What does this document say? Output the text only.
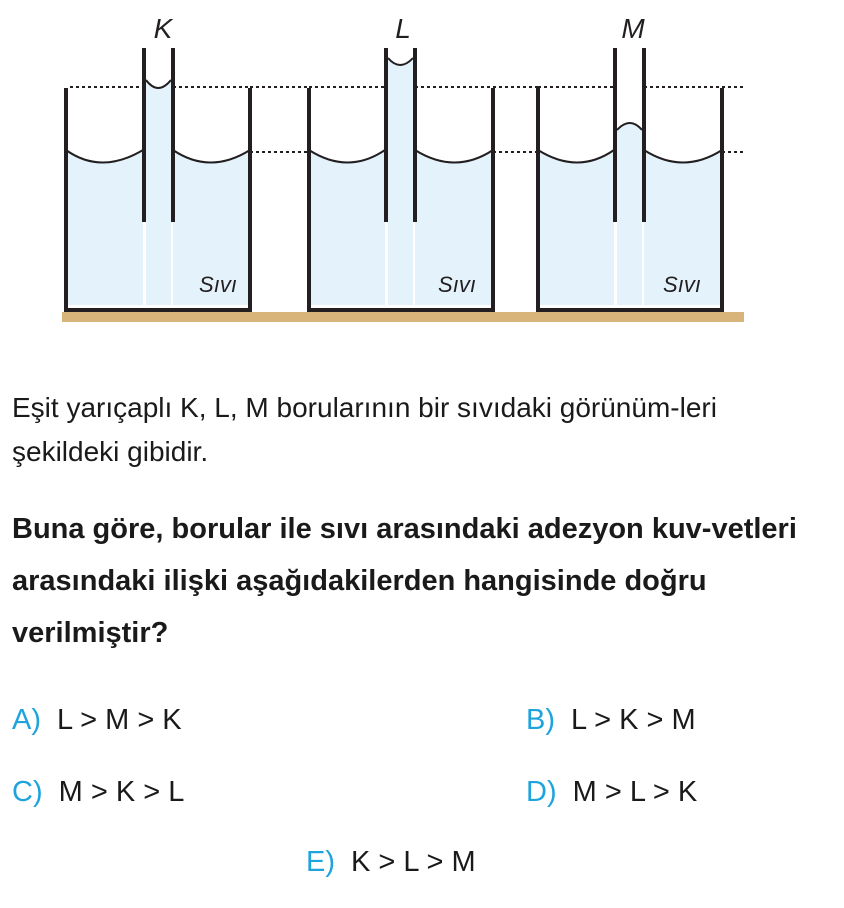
K	L	M
Sıvı	Sıvı	Sıvı
Eşit yarıçaplı K, L, M borularının bir sıvıdaki görünüm-leri şekildeki gibidir.
Buna göre, borular ile sıvı arasındaki adezyon kuv-vetleri arasındaki ilişki aşağıdakilerden hangisinde doğru verilmiştir?
A) L > M > K	B) L > K > M
C) M > K > L	D) M > L > K
E) K > L > M
